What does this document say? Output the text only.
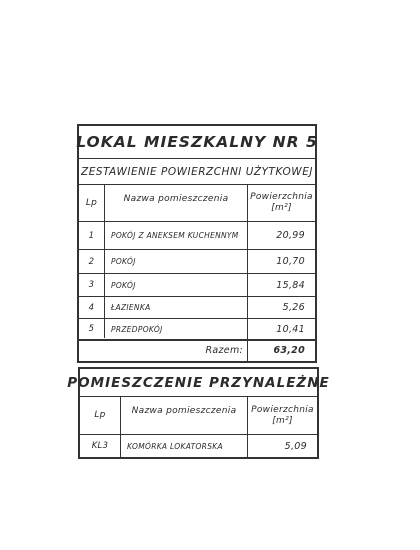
LOKAL MIESZKALNY NR 5
ZESTAWIENIE POWIERZCHNI UŻYTKOWEJ
Lp	Nazwa pomieszczenia	Powierzchnia
[m²]
1	POKÓJ Z ANEKSEM KUCHENNYM	20,99
2	POKÓJ	10,70
3	POKÓJ	15,84
4	ŁAZIENKA	5,26
5	PRZEDPOKÓJ	10,41
Razem:	63,20
POMIESZCZENIE PRZYNALEŻNE
Lp	Nazwa pomieszczenia	Powierzchnia
[m²]
KL3	KOMÓRKA LOKATORSKA	5,09
